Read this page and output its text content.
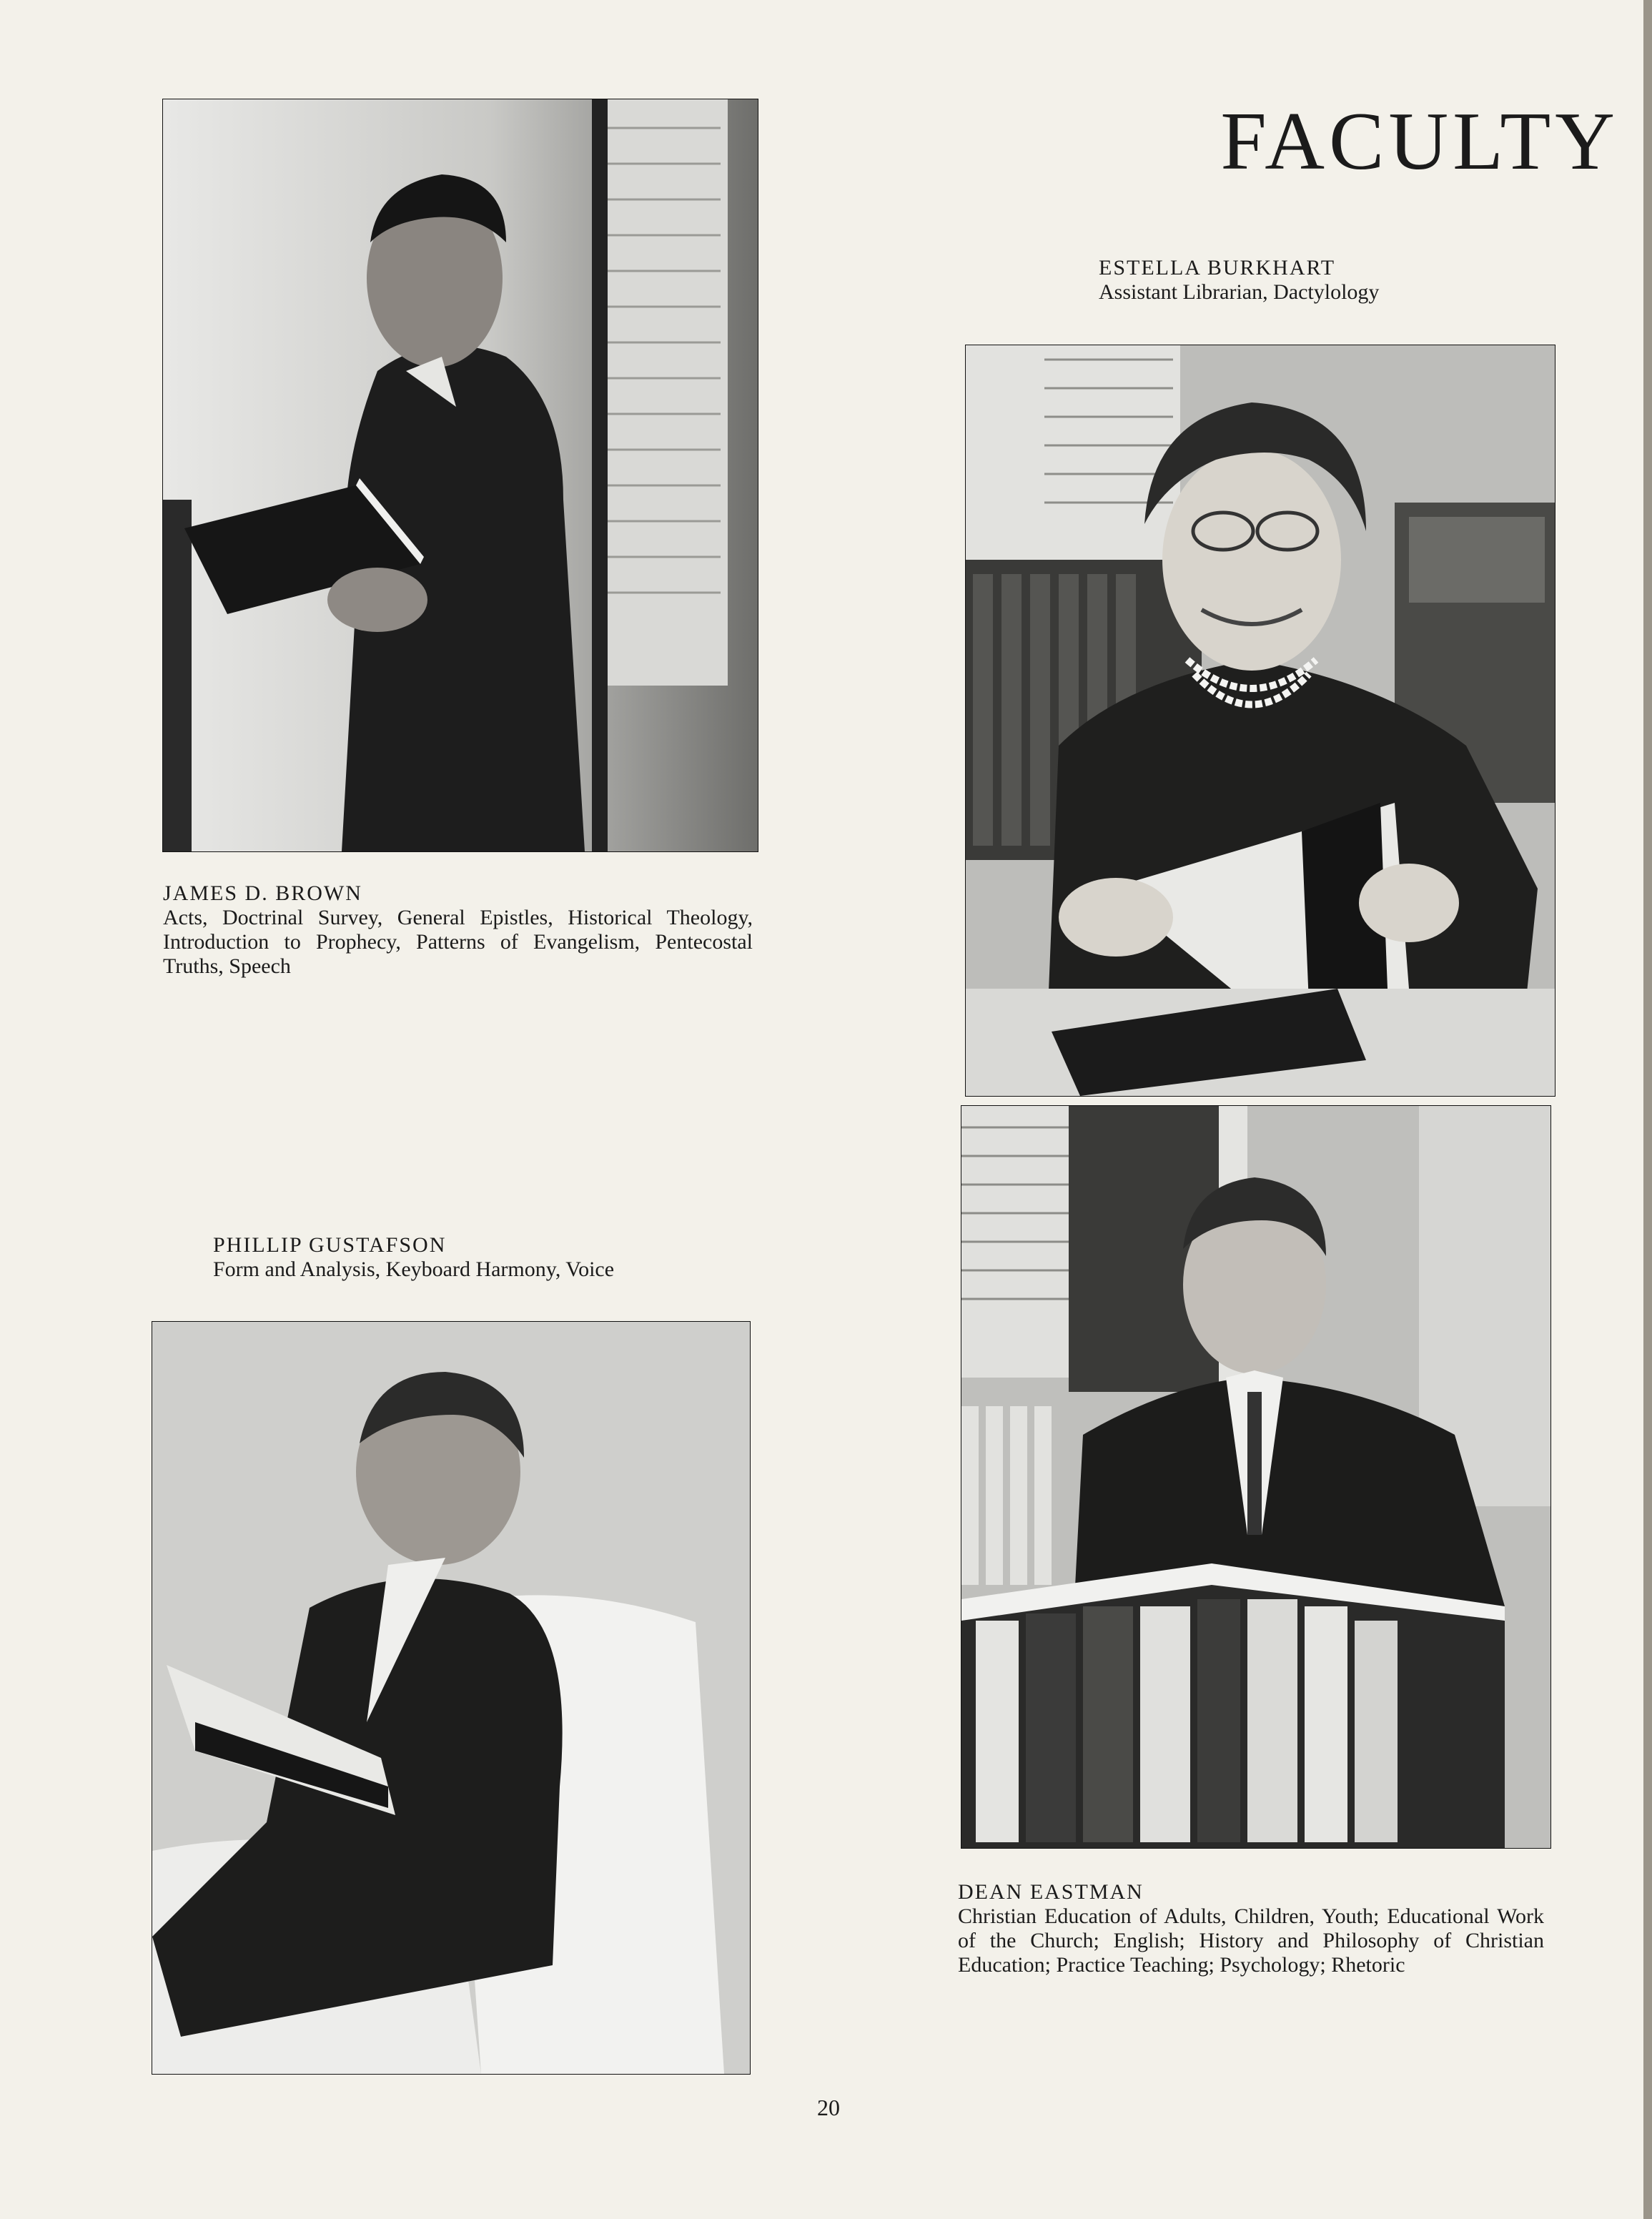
FACULTY
JAMES D. BROWN
Acts, Doctrinal Survey, General Epistles, Historical Theology, Introduction to Prophecy, Patterns of Evangelism, Pentecostal Truths, Speech
ESTELLA BURKHART
Assistant Librarian, Dactylology
PHILLIP GUSTAFSON
Form and Analysis, Keyboard Harmony, Voice
DEAN EASTMAN
Christian Education of Adults, Children, Youth; Educational Work of the Church; English; History and Philosophy of Christian Education; Practice Teaching; Psychology; Rhetoric
20
